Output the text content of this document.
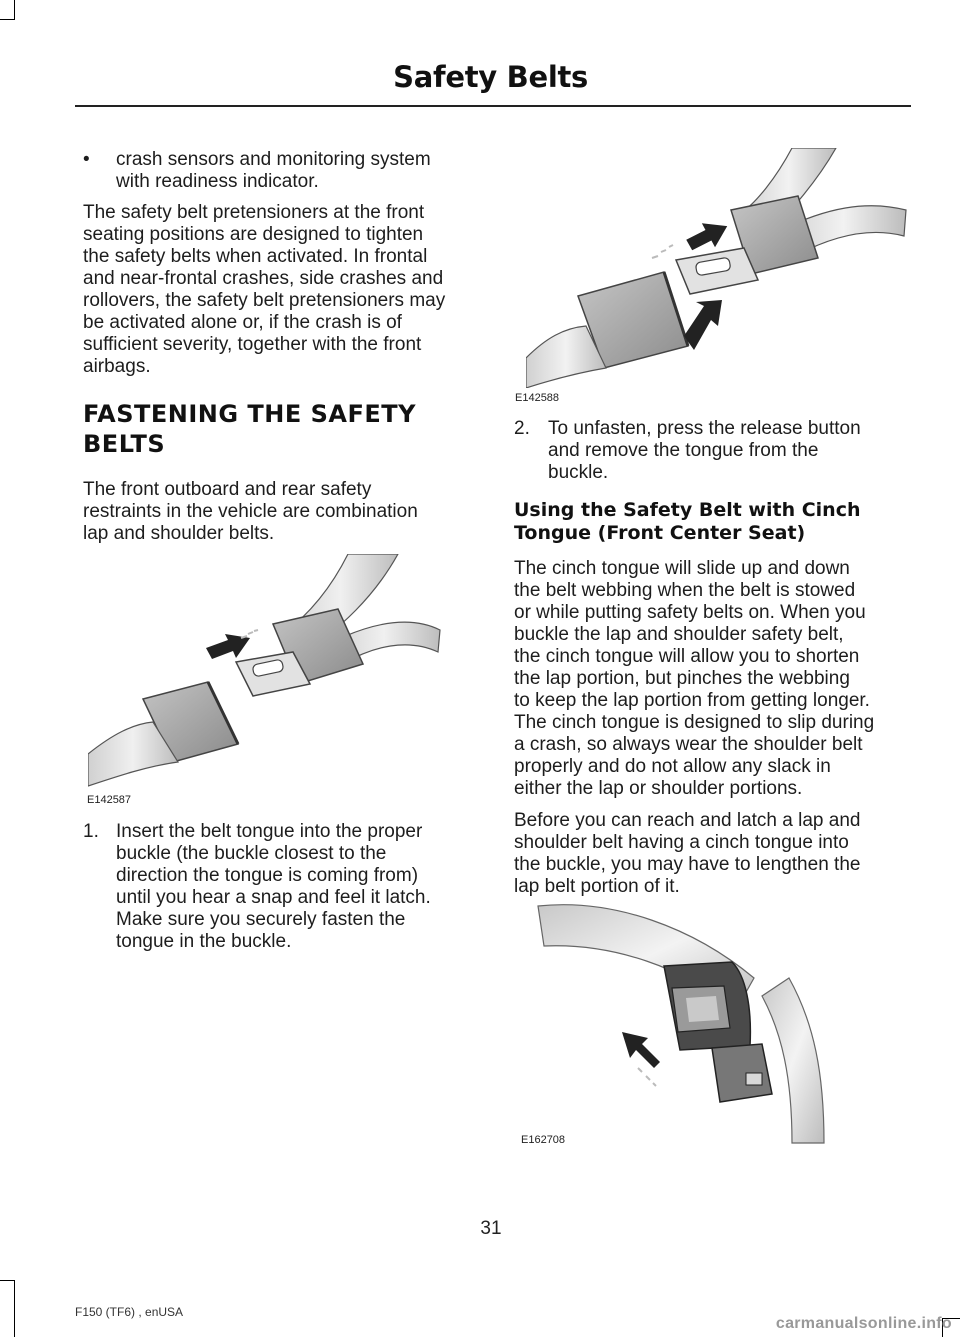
Safety Belts
• crash sensors and monitoring system
with readiness indicator.
The safety belt pretensioners at the front
seating positions are designed to tighten
the safety belts when activated. In frontal
and near-frontal crashes, side crashes and
rollovers, the safety belt pretensioners may
be activated alone or, if the crash is of
sufficient severity, together with the front
airbags.
FASTENING THE SAFETY
BELTS
The front outboard and rear safety
restraints in the vehicle are combination
lap and shoulder belts.
E142587
1. Insert the belt tongue into the proper
buckle (the buckle closest to the
direction the tongue is coming from)
until you hear a snap and feel it latch.
Make sure you securely fasten the
tongue in the buckle.
E142588
2. To unfasten, press the release button
and remove the tongue from the
buckle.
Using the Safety Belt with Cinch
Tongue (Front Center Seat)
The cinch tongue will slide up and down
the belt webbing when the belt is stowed
or while putting safety belts on. When you
buckle the lap and shoulder safety belt,
the cinch tongue will allow you to shorten
the lap portion, but pinches the webbing
to keep the lap portion from getting longer.
The cinch tongue is designed to slip during
a crash, so always wear the shoulder belt
properly and do not allow any slack in
either the lap or shoulder portions.
Before you can reach and latch a lap and
shoulder belt having a cinch tongue into
the buckle, you may have to lengthen the
lap belt portion of it.
E162708
31
F150 (TF6) , enUSA
carmanualsonline.info
